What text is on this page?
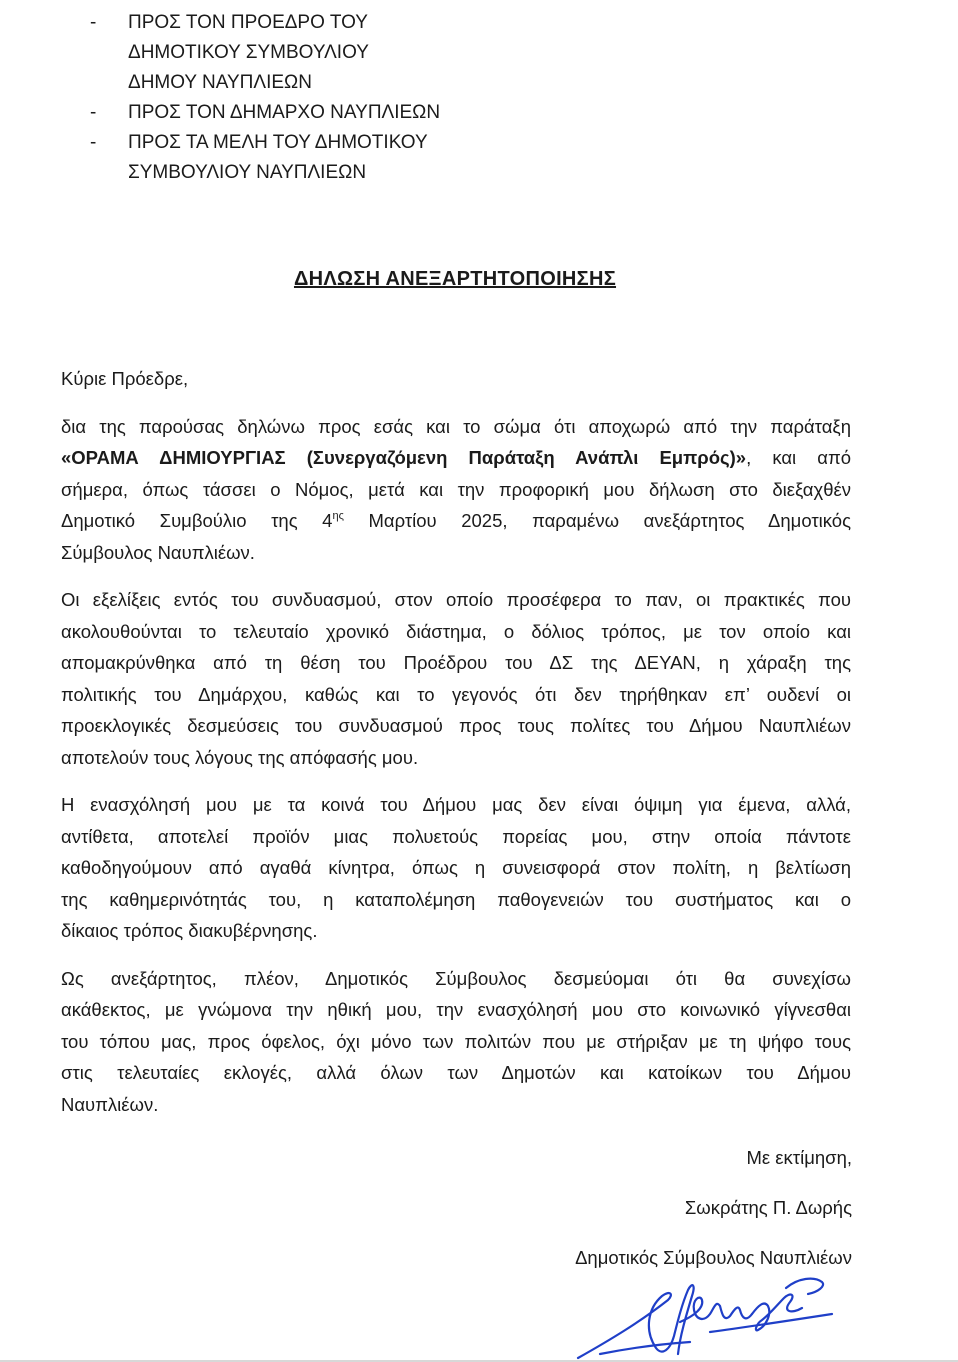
-	ΠΡΟΣ ΤΟΝ ΠΡΟΕΔΡΟ ΤΟΥ
ΔΗΜΟΤΙΚΟΥ ΣΥΜΒΟΥΛΙΟΥ
ΔΗΜΟΥ ΝΑΥΠΛΙΕΩΝ
-	ΠΡΟΣ ΤΟΝ ΔΗΜΑΡΧΟ ΝΑΥΠΛΙΕΩΝ
-	ΠΡΟΣ ΤΑ ΜΕΛΗ ΤΟΥ ΔΗΜΟΤΙΚΟΥ
ΣΥΜΒΟΥΛΙΟΥ ΝΑΥΠΛΙΕΩΝ
ΔΗΛΩΣΗ ΑΝΕΞΑΡΤΗΤΟΠΟΙΗΣΗΣ
Κύριε Πρόεδρε,
δια της παρούσας δηλώνω προς εσάς και το σώμα ότι αποχωρώ από την παράταξη
«ΟΡΑΜΑ ΔΗΜΙΟΥΡΓΙΑΣ (Συνεργαζόμενη Παράταξη Ανάπλι Εμπρός)», και από
σήμερα, όπως τάσσει ο Νόμος, μετά και την προφορική μου δήλωση στο διεξαχθέν
Δημοτικό Συμβούλιο της $4^{\eta\varsigma}$ Μαρτίου 2025, παραμένω ανεξάρτητος Δημοτικός
Σύμβουλος Ναυπλιέων.
Οι εξελίξεις εντός του συνδυασμού, στον οποίο προσέφερα το παν, οι πρακτικές που
ακολουθούνται το τελευταίο χρονικό διάστημα, ο δόλιος τρόπος, με τον οποίο και
απομακρύνθηκα από τη θέση του Προέδρου του ΔΣ της ΔΕΥΑΝ, η χάραξη της
πολιτικής του Δημάρχου, καθώς και το γεγονός ότι δεν τηρήθηκαν επ’ ουδενί οι
προεκλογικές δεσμεύσεις του συνδυασμού προς τους πολίτες του Δήμου Ναυπλιέων
αποτελούν τους λόγους της απόφασής μου.
Η ενασχόλησή μου με τα κοινά του Δήμου μας δεν είναι όψιμη για έμενα, αλλά,
αντίθετα, αποτελεί προϊόν μιας πολυετούς πορείας μου, στην οποία πάντοτε
καθοδηγούμουν από αγαθά κίνητρα, όπως η συνεισφορά στον πολίτη, η βελτίωση
της καθημερινότητάς του, η καταπολέμηση παθογενειών του συστήματος και ο
δίκαιος τρόπος διακυβέρνησης.
Ως ανεξάρτητος, πλέον, Δημοτικός Σύμβουλος δεσμεύομαι ότι θα συνεχίσω
ακάθεκτος, με γνώμονα την ηθική μου, την ενασχόλησή μου στο κοινωνικό γίγνεσθαι
του τόπου μας, προς όφελος, όχι μόνο των πολιτών που με στήριξαν με τη ψήφο τους
στις τελευταίες εκλογές, αλλά όλων των Δημοτών και κατοίκων του Δήμου
Ναυπλιέων.
Με εκτίμηση,
Σωκράτης Π. Δωρής
Δημοτικός Σύμβουλος Ναυπλιέων
